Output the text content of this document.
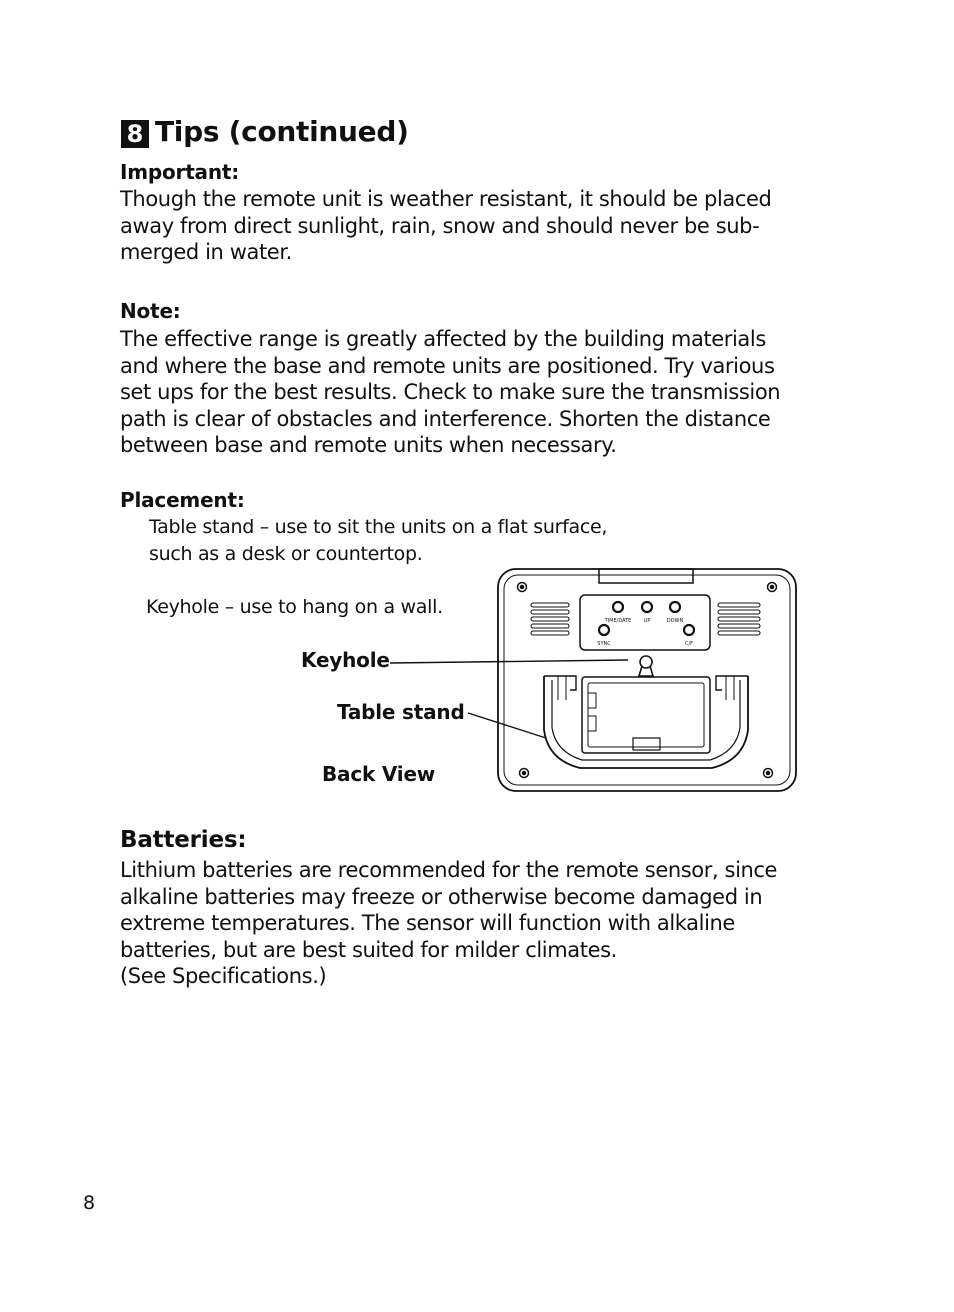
8 Tips (continued)
Important:
Though the remote unit is weather resistant, it should be placed
away from direct sunlight, rain, snow and should never be sub-
merged in water.
Note:
The effective range is greatly affected by the building materials
and where the base and remote units are positioned. Try various
set ups for the best results. Check to make sure the transmission
path is clear of obstacles and interference. Shorten the distance
between base and remote units when necessary.
Placement:
Table stand – use to sit the units on a flat surface,
such as a desk or countertop.
Keyhole – use to hang on a wall.
Keyhole
Table stand
Back View
TIME/DATE UP	DOWN
SYNC	C/F
Batteries:
Lithium batteries are recommended for the remote sensor, since
alkaline batteries may freeze or otherwise become damaged in
extreme temperatures. The sensor will function with alkaline
batteries, but are best suited for milder climates.
(See Specifications.)
8
